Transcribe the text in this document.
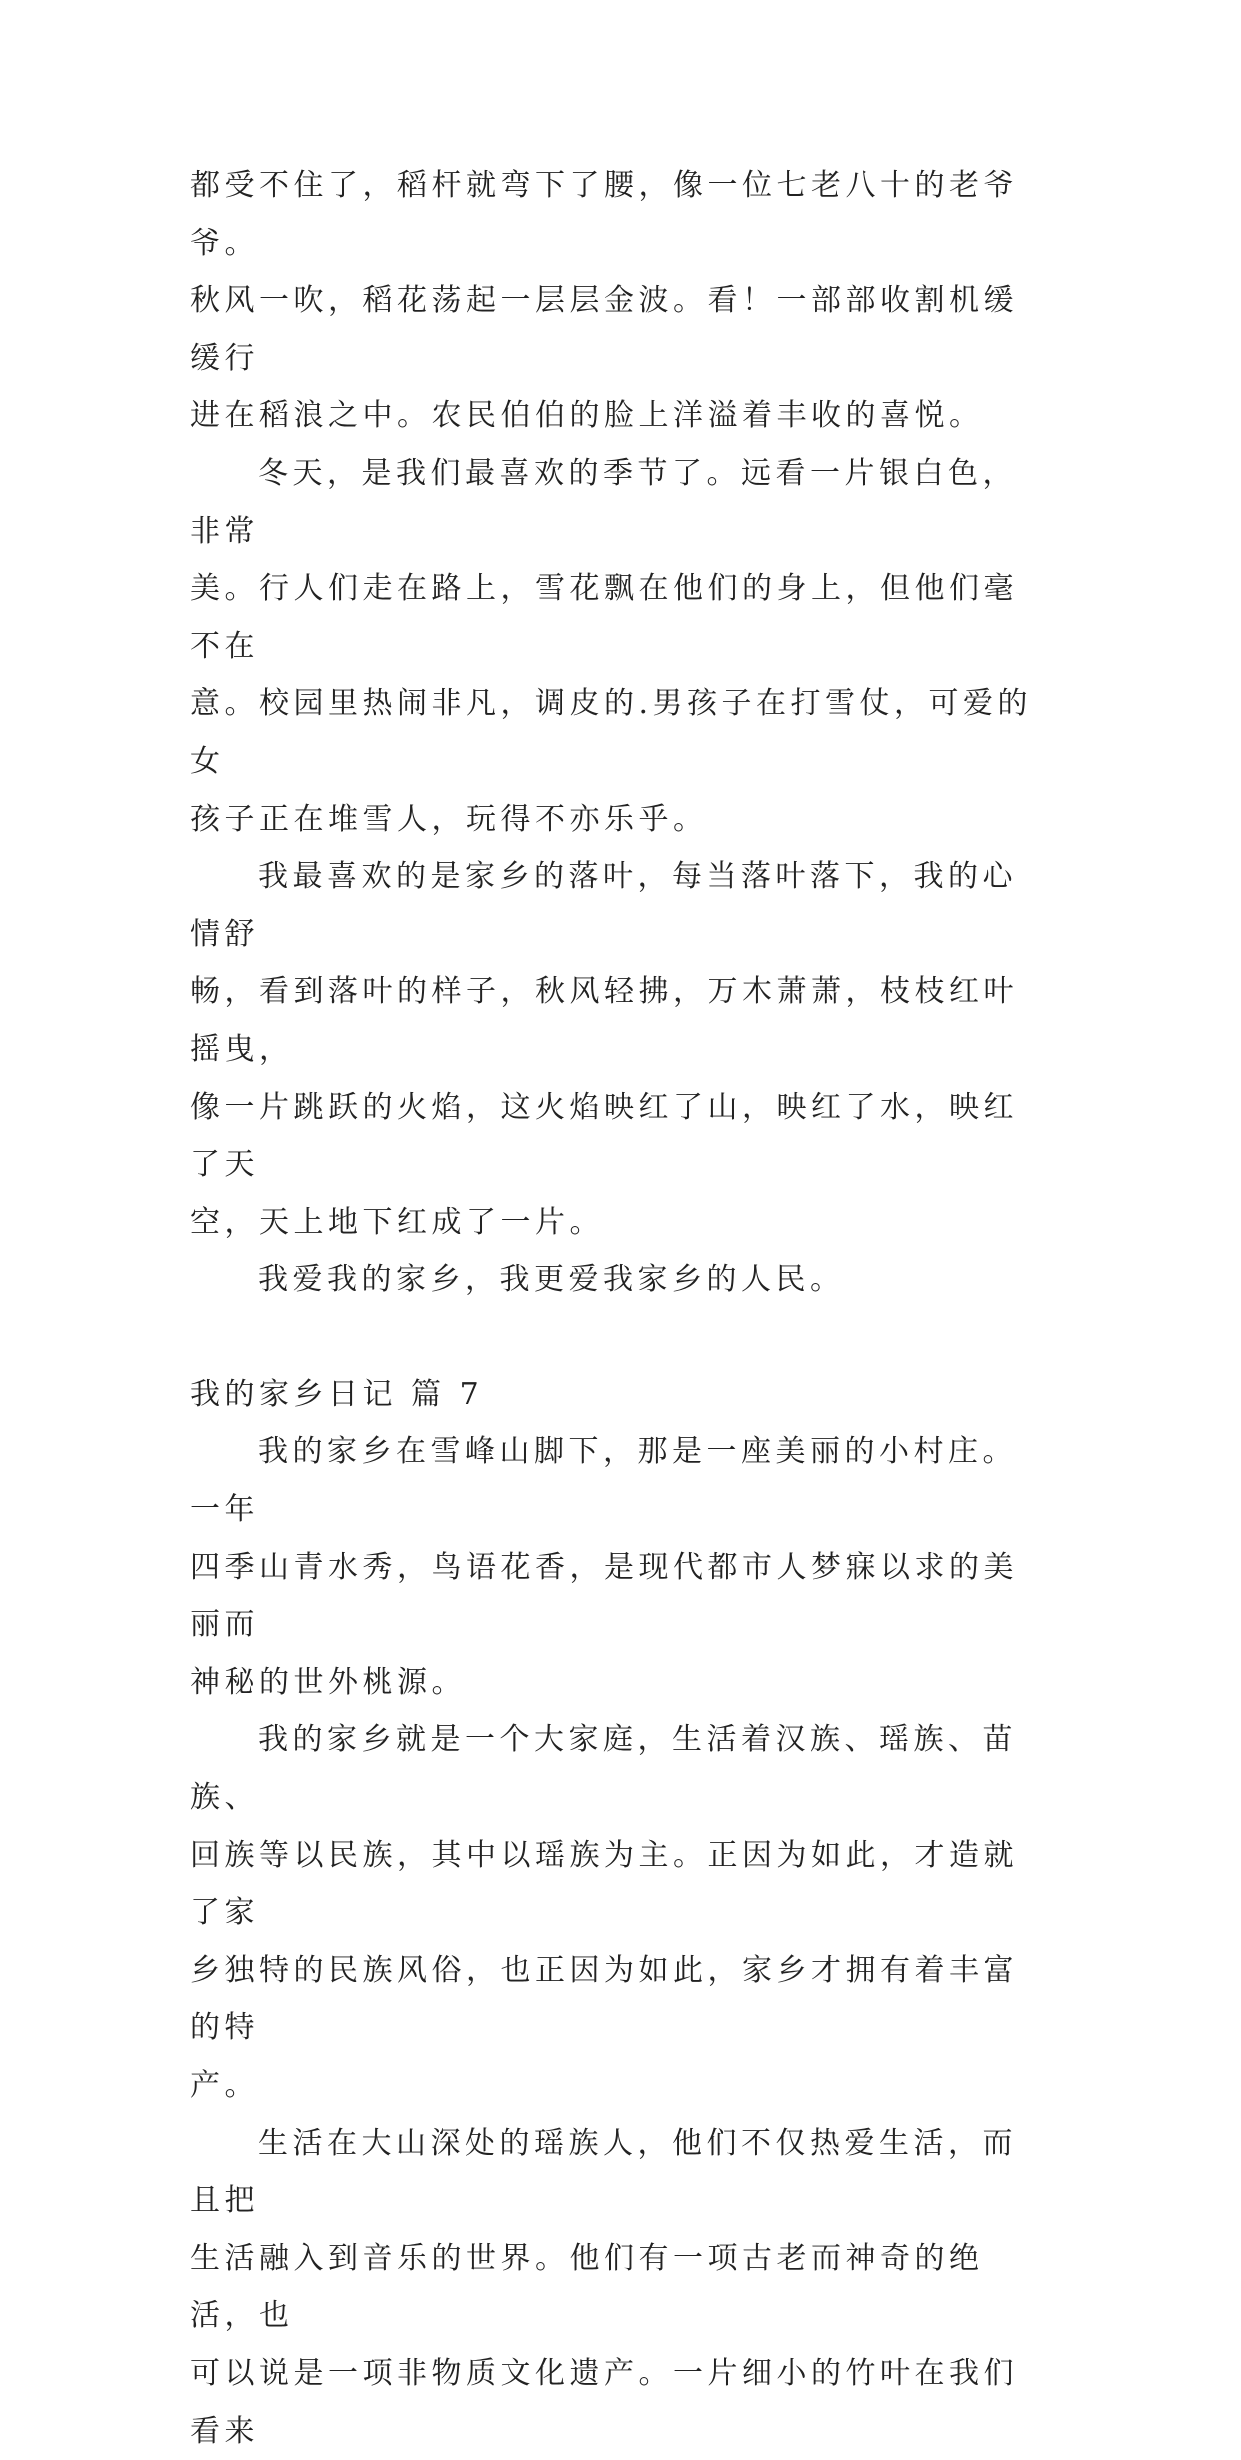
都受不住了，稻杆就弯下了腰，像一位七老八十的老爷爷。
秋风一吹，稻花荡起一层层金波。看！一部部收割机缓缓行
进在稻浪之中。农民伯伯的脸上洋溢着丰收的喜悦。

冬天，是我们最喜欢的季节了。远看一片银白色，非常
美。行人们走在路上，雪花飘在他们的身上，但他们毫不在
意。校园里热闹非凡，调皮的.男孩子在打雪仗，可爱的女
孩子正在堆雪人，玩得不亦乐乎。

我最喜欢的是家乡的落叶，每当落叶落下，我的心情舒
畅，看到落叶的样子，秋风轻拂，万木萧萧，枝枝红叶摇曳，
像一片跳跃的火焰，这火焰映红了山，映红了水，映红了天
空，天上地下红成了一片。

我爱我的家乡，我更爱我家乡的人民。

我的家乡日记 篇 7

我的家乡在雪峰山脚下，那是一座美丽的小村庄。一年
四季山青水秀，鸟语花香，是现代都市人梦寐以求的美丽而
神秘的世外桃源。

我的家乡就是一个大家庭，生活着汉族、瑶族、苗族、
回族等以民族，其中以瑶族为主。正因为如此，才造就了家
乡独特的民族风俗，也正因为如此，家乡才拥有着丰富的特
产。

生活在大山深处的瑶族人，他们不仅热爱生活，而且把
生活融入到音乐的世界。他们有一项古老而神奇的绝活，也
可以说是一项非物质文化遗产。一片细小的竹叶在我们看来
